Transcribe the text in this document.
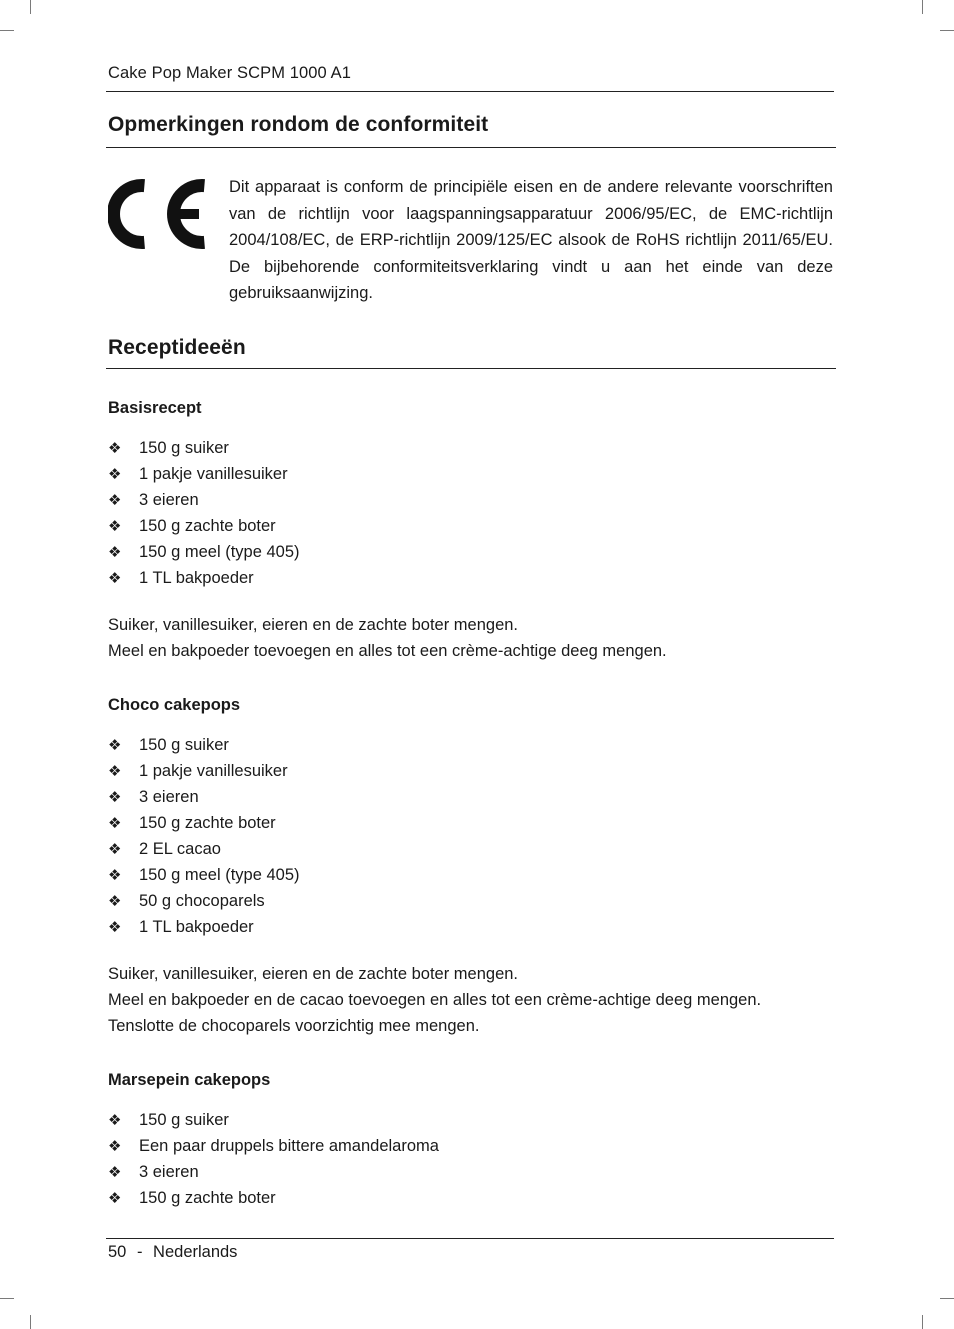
Cake Pop Maker SCPM 1000 A1
Opmerkingen rondom de conformiteit

Dit apparaat is conform de principiële eisen en de andere relevante voorschriften van de richtlijn voor laagspanningsapparatuur 2006/95/EC, de EMC-richtlijn 2004/108/EC, de ERP-richtlijn 2009/125/EC alsook de RoHS richtlijn 2011/65/EU. De bijbehorende conformiteitsverklaring vindt u aan het einde van deze gebruiksaanwijzing.

Receptideeën
Basisrecept
❖ 150 g suiker
❖ 1 pakje vanillesuiker
❖ 3 eieren
❖ 150 g zachte boter
❖ 150 g meel (type 405)
❖ 1 TL bakpoeder

Suiker, vanillesuiker, eieren en de zachte boter mengen.
Meel en bakpoeder toevoegen en alles tot een crème-achtige deeg mengen.

Choco cakepops
❖ 150 g suiker
❖ 1 pakje vanillesuiker
❖ 3 eieren
❖ 150 g zachte boter
❖ 2 EL cacao
❖ 150 g meel (type 405)
❖ 50 g chocoparels
❖ 1 TL bakpoeder

Suiker, vanillesuiker, eieren en de zachte boter mengen.
Meel en bakpoeder en de cacao toevoegen en alles tot een crème-achtige deeg mengen.
Tenslotte de chocoparels voorzichtig mee mengen.

Marsepein cakepops
❖ 150 g suiker
❖ Een paar druppels bittere amandelaroma
❖ 3 eieren
❖ 150 g zachte boter
50 - Nederlands
